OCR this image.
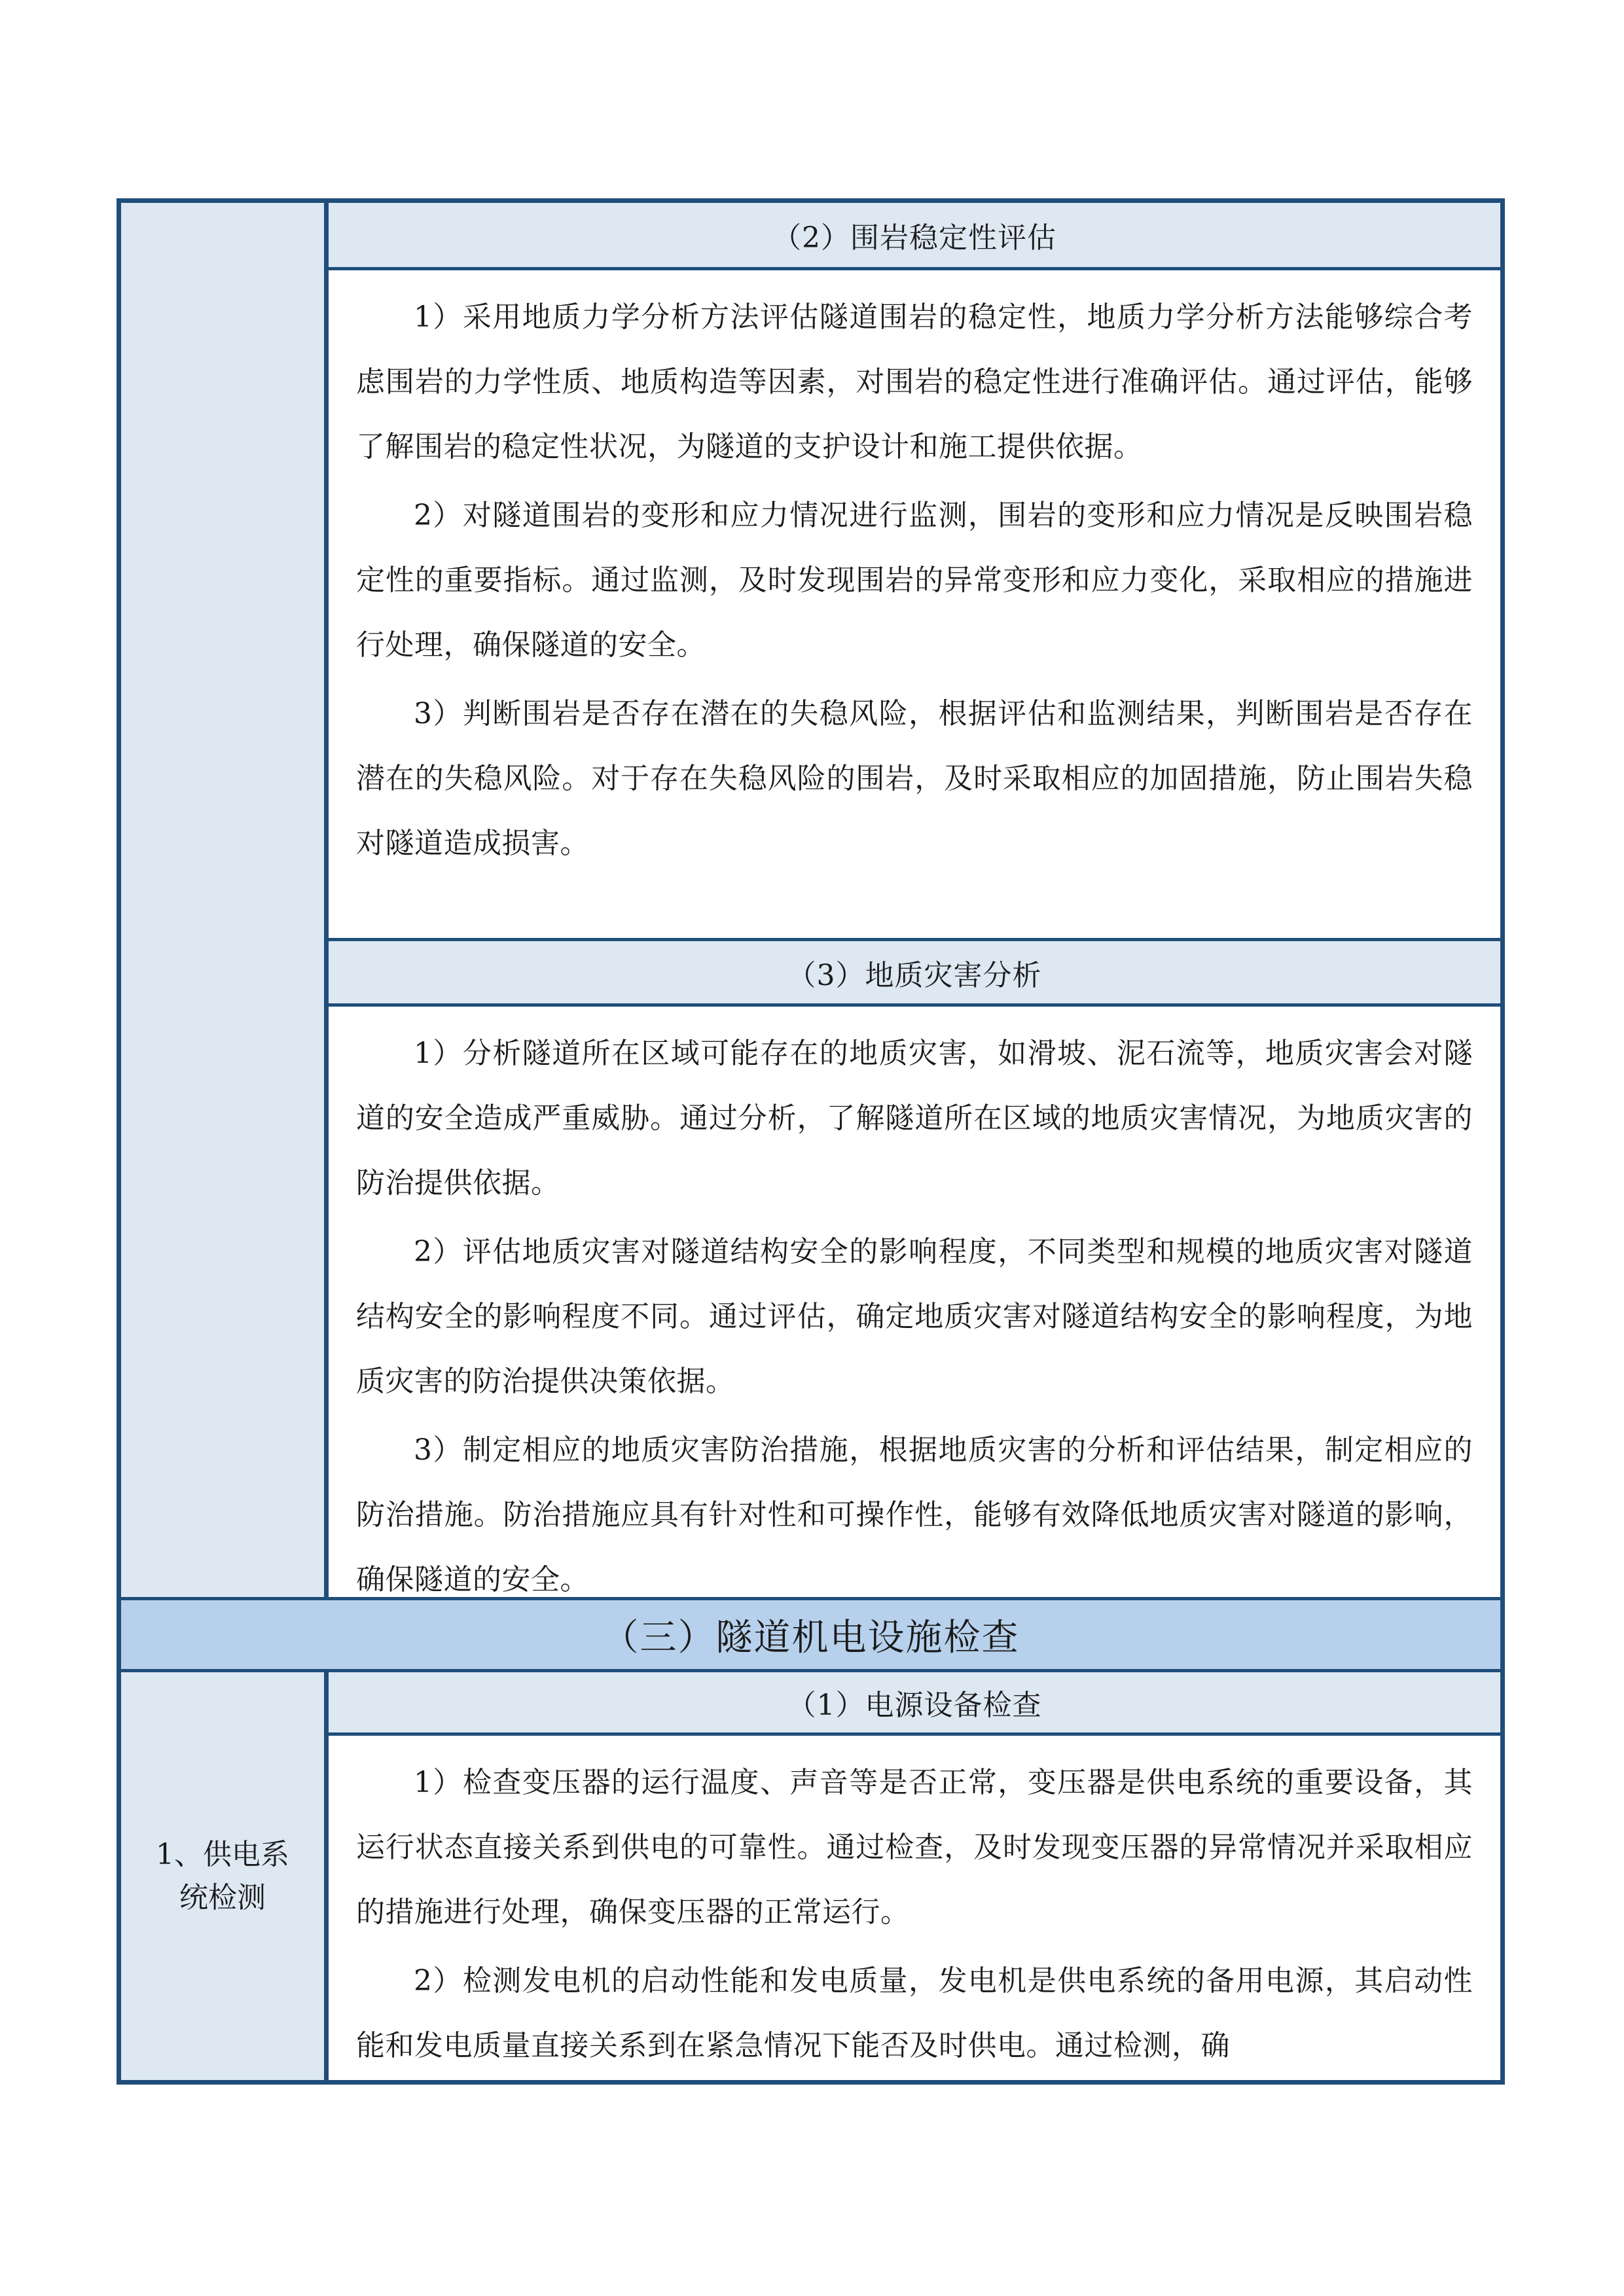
（2）围岩稳定性评估

1）采用地质力学分析方法评估隧道围岩的稳定性，地质力学分析方法能够综合考虑围岩的力学性质、地质构造等因素，对围岩的稳定性进行准确评估。通过评估，能够了解围岩的稳定性状况，为隧道的支护设计和施工提供依据。

2）对隧道围岩的变形和应力情况进行监测，围岩的变形和应力情况是反映围岩稳定性的重要指标。通过监测，及时发现围岩的异常变形和应力变化，采取相应的措施进行处理，确保隧道的安全。

3）判断围岩是否存在潜在的失稳风险，根据评估和监测结果，判断围岩是否存在潜在的失稳风险。对于存在失稳风险的围岩，及时采取相应的加固措施，防止围岩失稳对隧道造成损害。

（3）地质灾害分析

1）分析隧道所在区域可能存在的地质灾害，如滑坡、泥石流等，地质灾害会对隧道的安全造成严重威胁。通过分析，了解隧道所在区域的地质灾害情况，为地质灾害的防治提供依据。

2）评估地质灾害对隧道结构安全的影响程度，不同类型和规模的地质灾害对隧道结构安全的影响程度不同。通过评估，确定地质灾害对隧道结构安全的影响程度，为地质灾害的防治提供决策依据。

3）制定相应的地质灾害防治措施，根据地质灾害的分析和评估结果，制定相应的防治措施。防治措施应具有针对性和可操作性，能够有效降低地质灾害对隧道的影响，确保隧道的安全。

（三）隧道机电设施检查
1、供电系统检测
（1）电源设备检查

1）检查变压器的运行温度、声音等是否正常，变压器是供电系统的重要设备，其运行状态直接关系到供电的可靠性。通过检查，及时发现变压器的异常情况并采取相应的措施进行处理，确保变压器的正常运行。

2）检测发电机的启动性能和发电质量，发电机是供电系统的备用电源，其启动性能和发电质量直接关系到在紧急情况下能否及时供电。通过检测，确
